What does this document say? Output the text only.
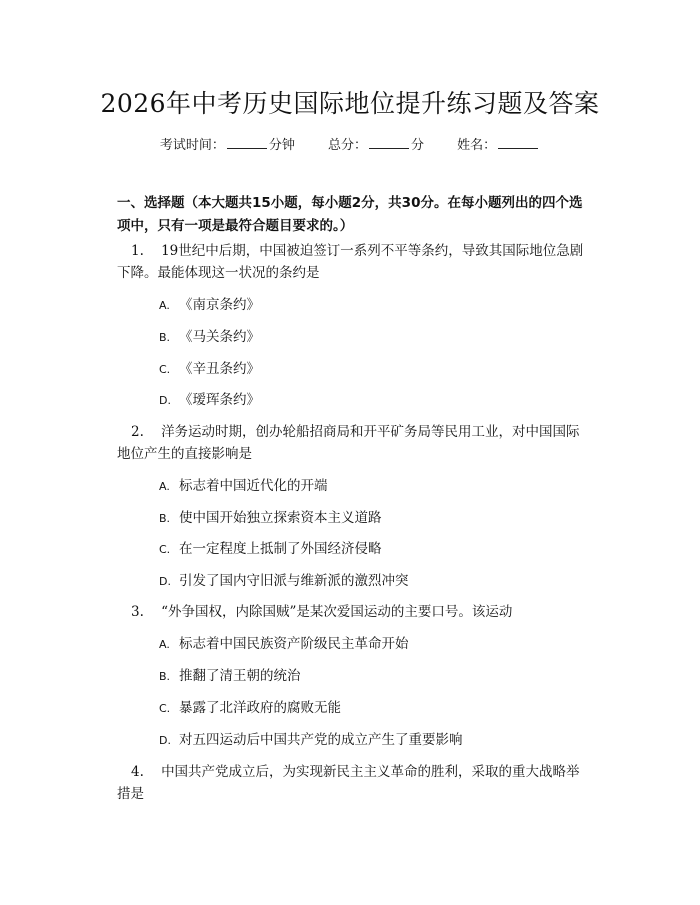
2026年中考历史国际地位提升练习题及答案
考试时间：	分钟	总分：	分	姓名：
一、选择题（本大题共15小题，每小题2分，共30分。在每小题列出的四个选项中，只有一项是最符合题目要求的。）
1. 19世纪中后期，中国被迫签订一系列不平等条约，导致其国际地位急剧下降。最能体现这一状况的条约是
A. 《南京条约》
B. 《马关条约》
C. 《辛丑条约》
D. 《瑷珲条约》
2. 洋务运动时期，创办轮船招商局和开平矿务局等民用工业，对中国国际地位产生的直接影响是
A. 标志着中国近代化的开端
B. 使中国开始独立探索资本主义道路
C. 在一定程度上抵制了外国经济侵略
D. 引发了国内守旧派与维新派的激烈冲突
3. “外争国权，内除国贼”是某次爱国运动的主要口号。该运动
A. 标志着中国民族资产阶级民主革命开始
B. 推翻了清王朝的统治
C. 暴露了北洋政府的腐败无能
D. 对五四运动后中国共产党的成立产生了重要影响
4. 中国共产党成立后，为实现新民主主义革命的胜利，采取的重大战略举措是
